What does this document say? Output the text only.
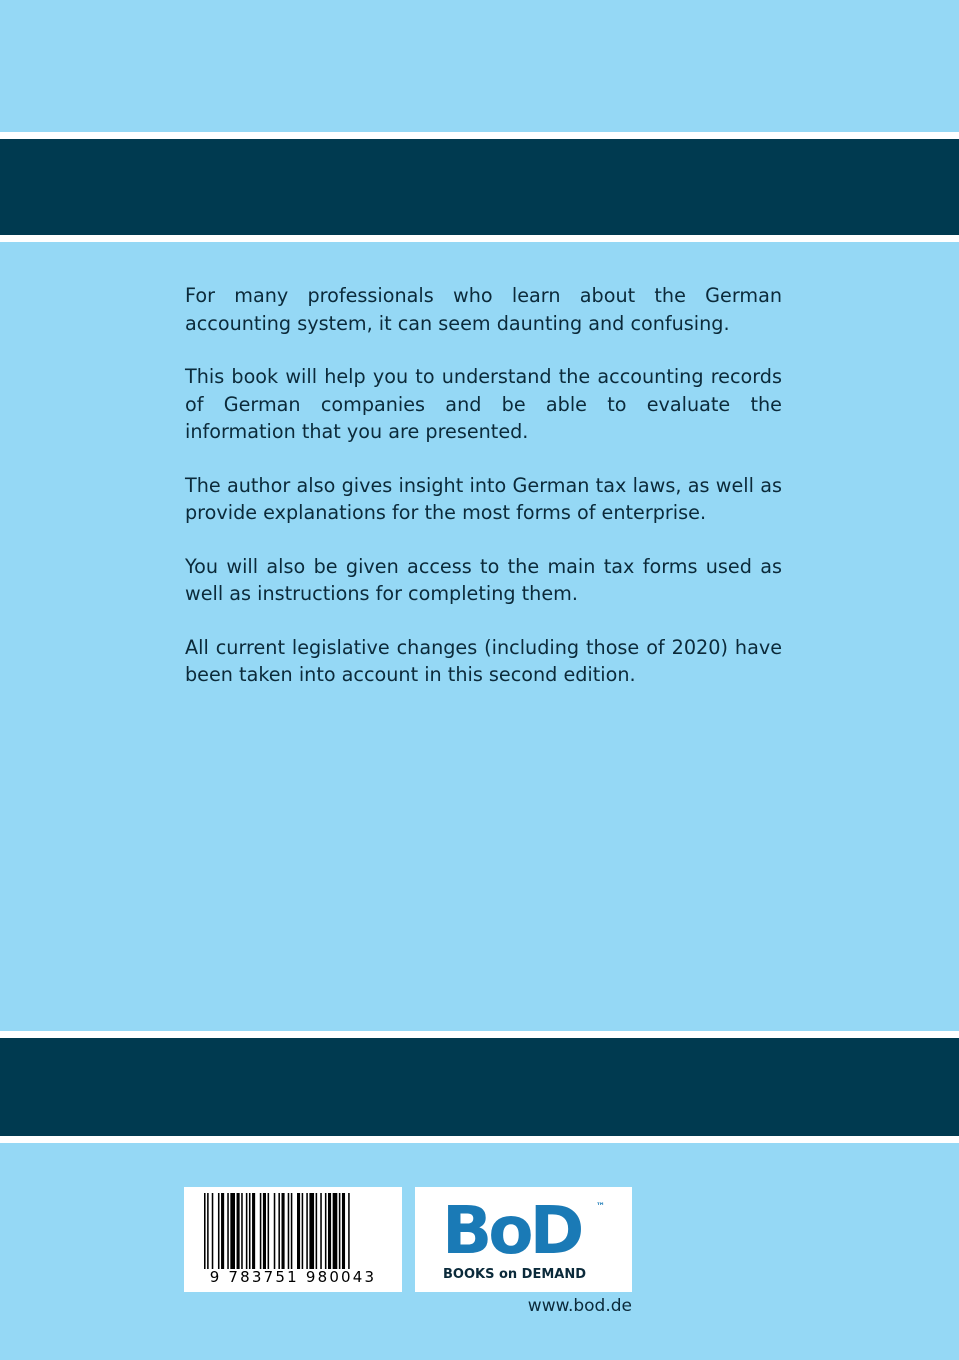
For many professionals who learn about the German accounting system, it can seem daunting and confusing.

This book will help you to understand the accounting records of German companies and be able to evaluate the information that you are presented.

The author also gives insight into German tax laws, as well as provide explanations for the most forms of enterprise.

You will also be given access to the main tax forms used as well as instructions for completing them.

All current legislative changes (including those of 2020) have been taken into account in this second edition.

9 783751 980043
BoD ™
BOOKS on DEMAND
www.bod.de
